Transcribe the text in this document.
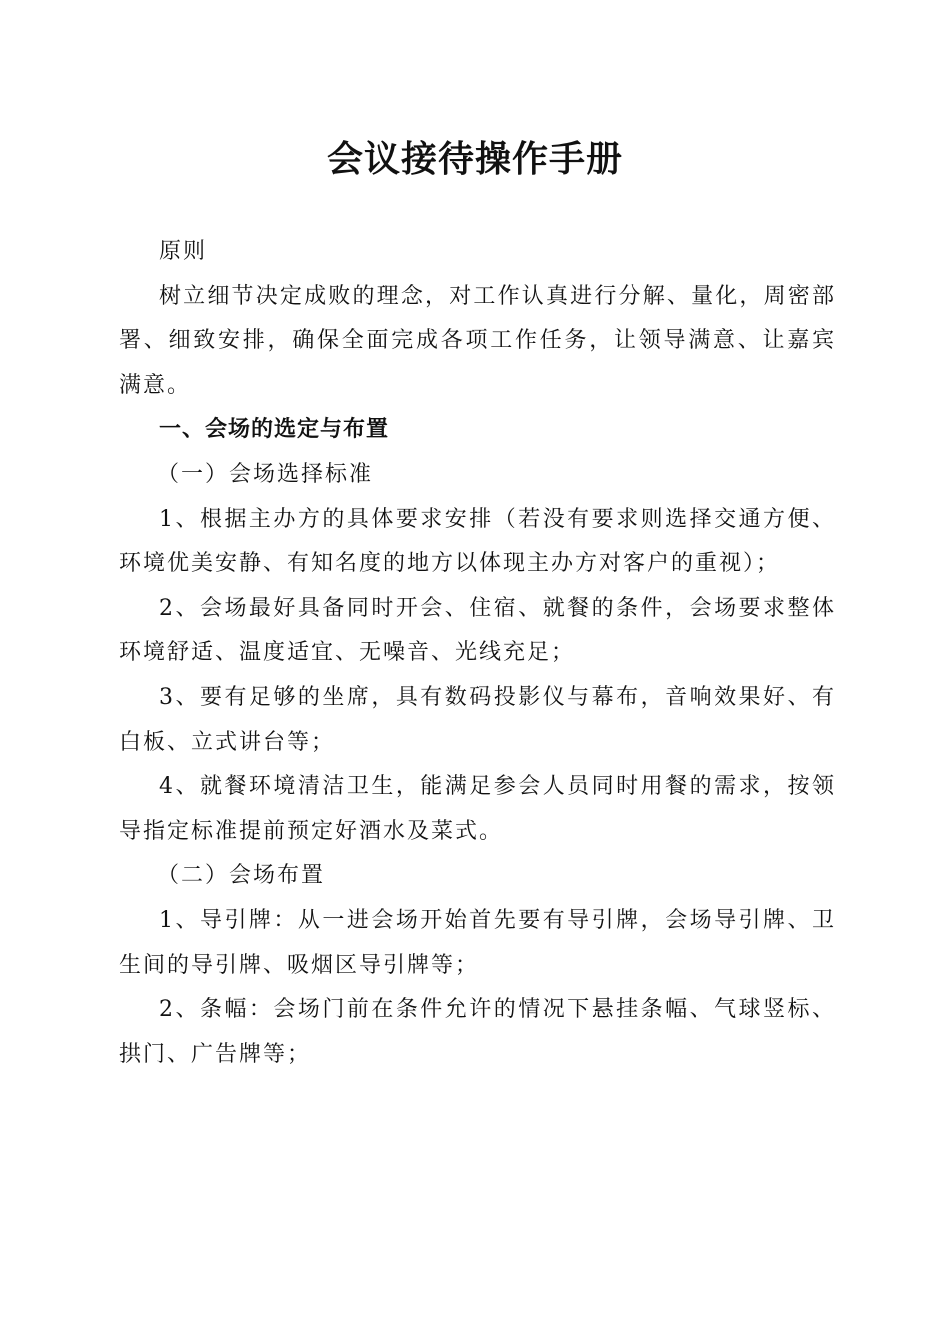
会议接待操作手册

原则

树立细节决定成败的理念，对工作认真进行分解、量化，周密部署、细致安排，确保全面完成各项工作任务，让领导满意、让嘉宾满意。

一、会场的选定与布置

（一）会场选择标准

1、根据主办方的具体要求安排（若没有要求则选择交通方便、环境优美安静、有知名度的地方以体现主办方对客户的重视）；

2、会场最好具备同时开会、住宿、就餐的条件，会场要求整体环境舒适、温度适宜、无噪音、光线充足；

3、要有足够的坐席，具有数码投影仪与幕布，音响效果好、有白板、立式讲台等；

4、就餐环境清洁卫生，能满足参会人员同时用餐的需求，按领导指定标准提前预定好酒水及菜式。

（二）会场布置

1、导引牌：从一进会场开始首先要有导引牌，会场导引牌、卫生间的导引牌、吸烟区导引牌等；

2、条幅：会场门前在条件允许的情况下悬挂条幅、气球竖标、拱门、广告牌等；
